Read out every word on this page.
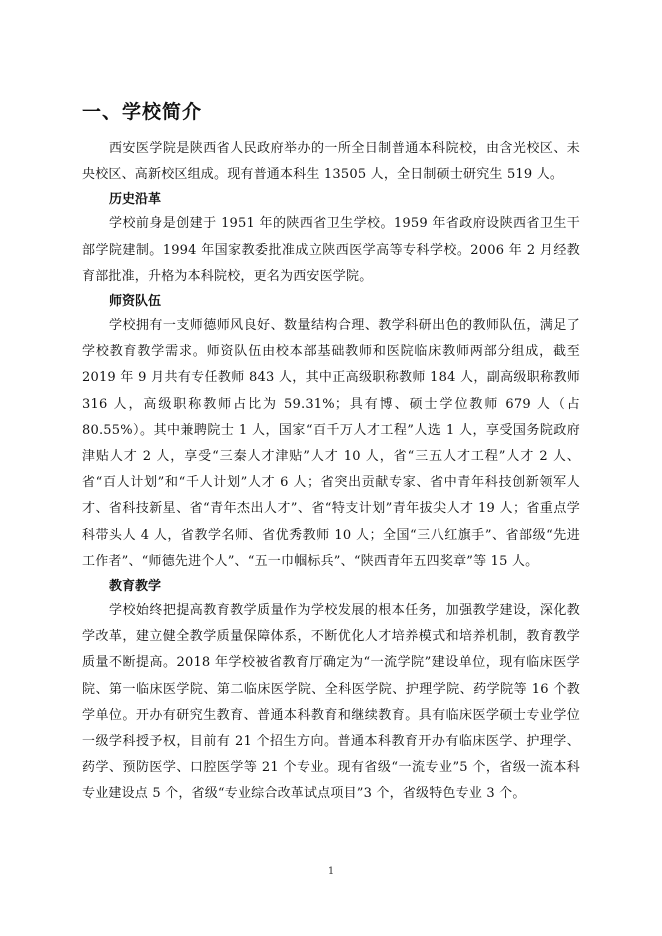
一、学校简介

西安医学院是陕西省人民政府举办的一所全日制普通本科院校，由含光校区、未央校区、高新校区组成。现有普通本科生 13505 人，全日制硕士研究生 519 人。

历史沿革

学校前身是创建于 1951 年的陕西省卫生学校。1959 年省政府设陕西省卫生干部学院建制。1994 年国家教委批准成立陕西医学高等专科学校。2006 年 2 月经教育部批准，升格为本科院校，更名为西安医学院。

师资队伍

学校拥有一支师德师风良好、数量结构合理、教学科研出色的教师队伍，满足了学校教育教学需求。师资队伍由校本部基础教师和医院临床教师两部分组成，截至 2019 年 9 月共有专任教师 843 人，其中正高级职称教师 184 人，副高级职称教师 316 人，高级职称教师占比为 59.31%；具有博、硕士学位教师 679 人（占 80.55%）。其中兼聘院士 1 人，国家“百千万人才工程”人选 1 人，享受国务院政府津贴人才 2 人，享受“三秦人才津贴”人才 10 人，省“三五人才工程”人才 2 人、省“百人计划”和“千人计划”人才 6 人；省突出贡献专家、省中青年科技创新领军人才、省科技新星、省“青年杰出人才”、省“特支计划”青年拔尖人才 19 人；省重点学科带头人 4 人，省教学名师、省优秀教师 10 人；全国“三八红旗手”、省部级“先进工作者”、“师德先进个人”、“五一巾帼标兵”、“陕西青年五四奖章”等 15 人。

教育教学

学校始终把提高教育教学质量作为学校发展的根本任务，加强教学建设，深化教学改革，建立健全教学质量保障体系，不断优化人才培养模式和培养机制，教育教学质量不断提高。2018 年学校被省教育厅确定为“一流学院”建设单位，现有临床医学院、第一临床医学院、第二临床医学院、全科医学院、护理学院、药学院等 16 个教学单位。开办有研究生教育、普通本科教育和继续教育。具有临床医学硕士专业学位一级学科授予权，目前有 21 个招生方向。普通本科教育开办有临床医学、护理学、药学、预防医学、口腔医学等 21 个专业。现有省级“一流专业”5 个，省级一流本科专业建设点 5 个，省级“专业综合改革试点项目”3 个，省级特色专业 3 个。

1
